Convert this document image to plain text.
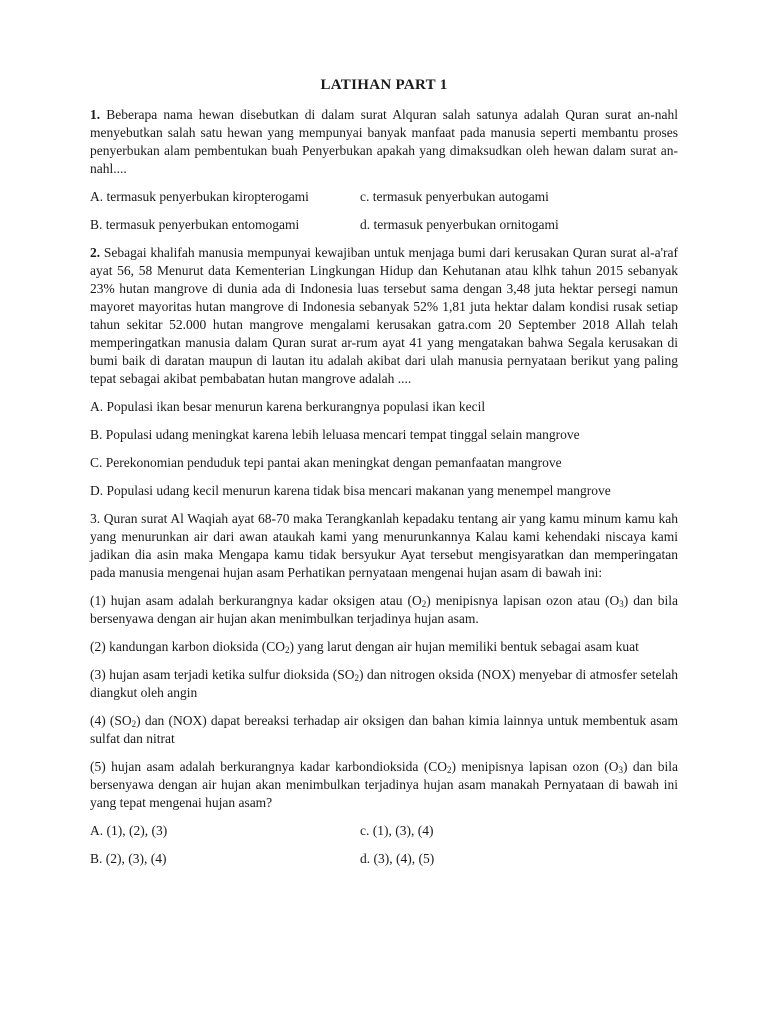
LATIHAN PART 1

1. Beberapa nama hewan disebutkan di dalam surat Alquran salah satunya adalah Quran surat an-nahl menyebutkan salah satu hewan yang mempunyai banyak manfaat pada manusia seperti membantu proses penyerbukan alam pembentukan buah Penyerbukan apakah yang dimaksudkan oleh hewan dalam surat an-nahl....

A. termasuk penyerbukan kiropterogami	c. termasuk penyerbukan autogami
B. termasuk penyerbukan entomogami	d. termasuk penyerbukan ornitogami

2. Sebagai khalifah manusia mempunyai kewajiban untuk menjaga bumi dari kerusakan Quran surat al-a'raf ayat 56, 58 Menurut data Kementerian Lingkungan Hidup dan Kehutanan atau klhk tahun 2015 sebanyak 23% hutan mangrove di dunia ada di Indonesia luas tersebut sama dengan 3,48 juta hektar persegi namun mayoret mayoritas hutan mangrove di Indonesia sebanyak 52% 1,81 juta hektar dalam kondisi rusak setiap tahun sekitar 52.000 hutan mangrove mengalami kerusakan gatra.com 20 September 2018 Allah telah memperingatkan manusia dalam Quran surat ar-rum ayat 41 yang mengatakan bahwa Segala kerusakan di bumi baik di daratan maupun di lautan itu adalah akibat dari ulah manusia pernyataan berikut yang paling tepat sebagai akibat pembabatan hutan mangrove adalah ....

A. Populasi ikan besar menurun karena berkurangnya populasi ikan kecil

B. Populasi udang meningkat karena lebih leluasa mencari tempat tinggal selain mangrove

C. Perekonomian penduduk tepi pantai akan meningkat dengan pemanfaatan mangrove

D. Populasi udang kecil menurun karena tidak bisa mencari makanan yang menempel mangrove

3. Quran surat Al Waqiah ayat 68-70 maka Terangkanlah kepadaku tentang air yang kamu minum kamu kah yang menurunkan air dari awan ataukah kami yang menurunkannya Kalau kami kehendaki niscaya kami jadikan dia asin maka Mengapa kamu tidak bersyukur Ayat tersebut mengisyaratkan dan memperingatan pada manusia mengenai hujan asam Perhatikan pernyataan mengenai hujan asam di bawah ini:

(1) hujan asam adalah berkurangnya kadar oksigen atau $(O_2)$ menipisnya lapisan ozon atau $(O_3)$ dan bila bersenyawa dengan air hujan akan menimbulkan terjadinya hujan asam.

(2) kandungan karbon dioksida $(CO_2)$ yang larut dengan air hujan memiliki bentuk sebagai asam kuat

(3) hujan asam terjadi ketika sulfur dioksida $(SO_2)$ dan nitrogen oksida (NOX) menyebar di atmosfer setelah diangkut oleh angin

(4) $(SO_2)$ dan (NOX) dapat bereaksi terhadap air oksigen dan bahan kimia lainnya untuk membentuk asam sulfat dan nitrat

(5) hujan asam adalah berkurangnya kadar karbondioksida $(CO_2)$ menipisnya lapisan ozon $(O_3)$ dan bila bersenyawa dengan air hujan akan menimbulkan terjadinya hujan asam manakah Pernyataan di bawah ini yang tepat mengenai hujan asam?

A. (1), (2), (3)	c. (1), (3), (4)
B. (2), (3), (4)	d. (3), (4), (5)
